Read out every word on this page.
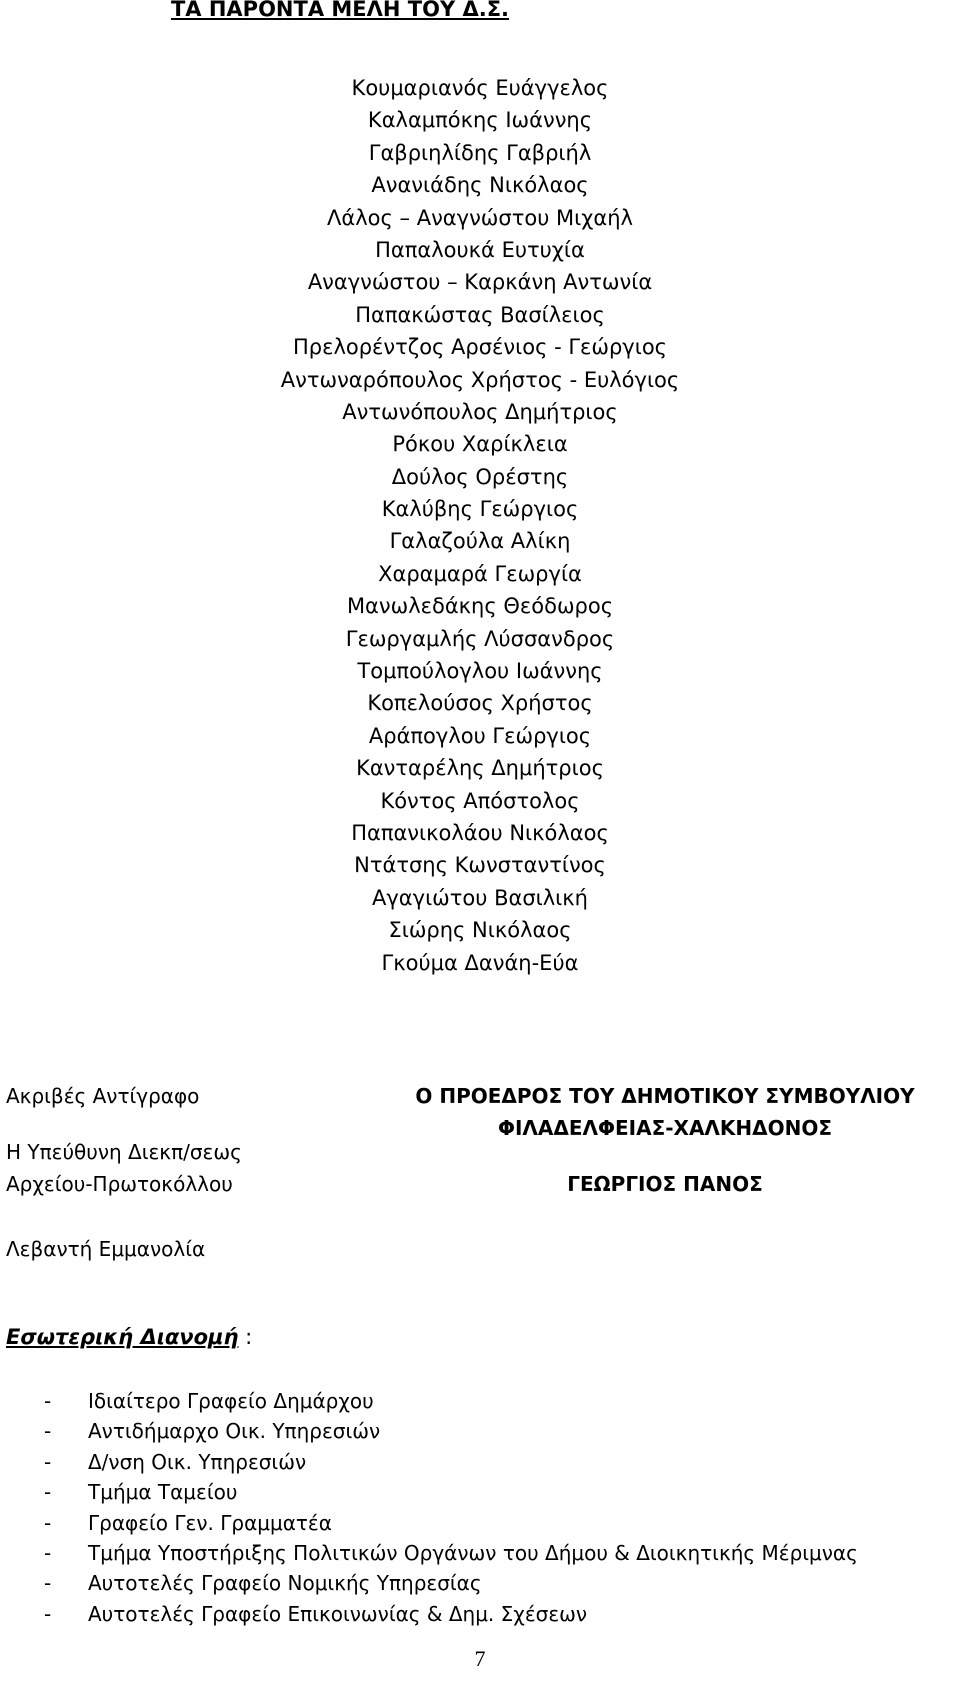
ΤΑ ΠΑΡΟΝΤΑ ΜΕΛΗ ΤΟΥ Δ.Σ.
Κουμαριανός Ευάγγελος
Καλαμπόκης Ιωάννης
Γαβριηλίδης Γαβριήλ
Ανανιάδης Νικόλαος
Λάλος – Αναγνώστου Μιχαήλ
Παπαλουκά Ευτυχία
Αναγνώστου – Καρκάνη Αντωνία
Παπακώστας Βασίλειος
Πρελορέντζος Αρσένιος - Γεώργιος
Αντωναρόπουλος Χρήστος - Ευλόγιος
Αντωνόπουλος Δημήτριος
Ρόκου Χαρίκλεια
Δούλος Ορέστης
Καλύβης Γεώργιος
Γαλαζούλα Αλίκη
Χαραμαρά Γεωργία
Μανωλεδάκης Θεόδωρος
Γεωργαμλής Λύσσανδρος
Τομπούλογλου Ιωάννης
Κοπελούσος Χρήστος
Αράπογλου Γεώργιος
Κανταρέλης Δημήτριος
Κόντος Απόστολος
Παπανικολάου Νικόλαος
Ντάτσης Κωνσταντίνος
Αγαγιώτου Βασιλική
Σιώρης Νικόλαος
Γκούμα Δανάη-Εύα
Ακριβές Αντίγραφο
Η Υπεύθυνη Διεκπ/σεως
Αρχείου-Πρωτοκόλλου
Ο ΠΡΟΕΔΡΟΣ ΤΟΥ ΔΗΜΟΤΙΚΟΥ ΣΥΜΒΟΥΛΙΟΥ
ΦΙΛΑΔΕΛΦΕΙΑΣ-ΧΑΛΚΗΔΟΝΟΣ
ΓΕΩΡΓΙΟΣ ΠΑΝΟΣ
Λεβαντή Εμμανολία
Εσωτερική Διανομή :
- Ιδιαίτερο Γραφείο Δημάρχου
- Αντιδήμαρχο Οικ. Υπηρεσιών
- Δ/νση Οικ. Υπηρεσιών
- Τμήμα Ταμείου
- Γραφείο Γεν. Γραμματέα
- Τμήμα Υποστήριξης Πολιτικών Οργάνων του Δήμου & Διοικητικής Μέριμνας
- Αυτοτελές Γραφείο Νομικής Υπηρεσίας
- Αυτοτελές Γραφείο Επικοινωνίας & Δημ. Σχέσεων
7
